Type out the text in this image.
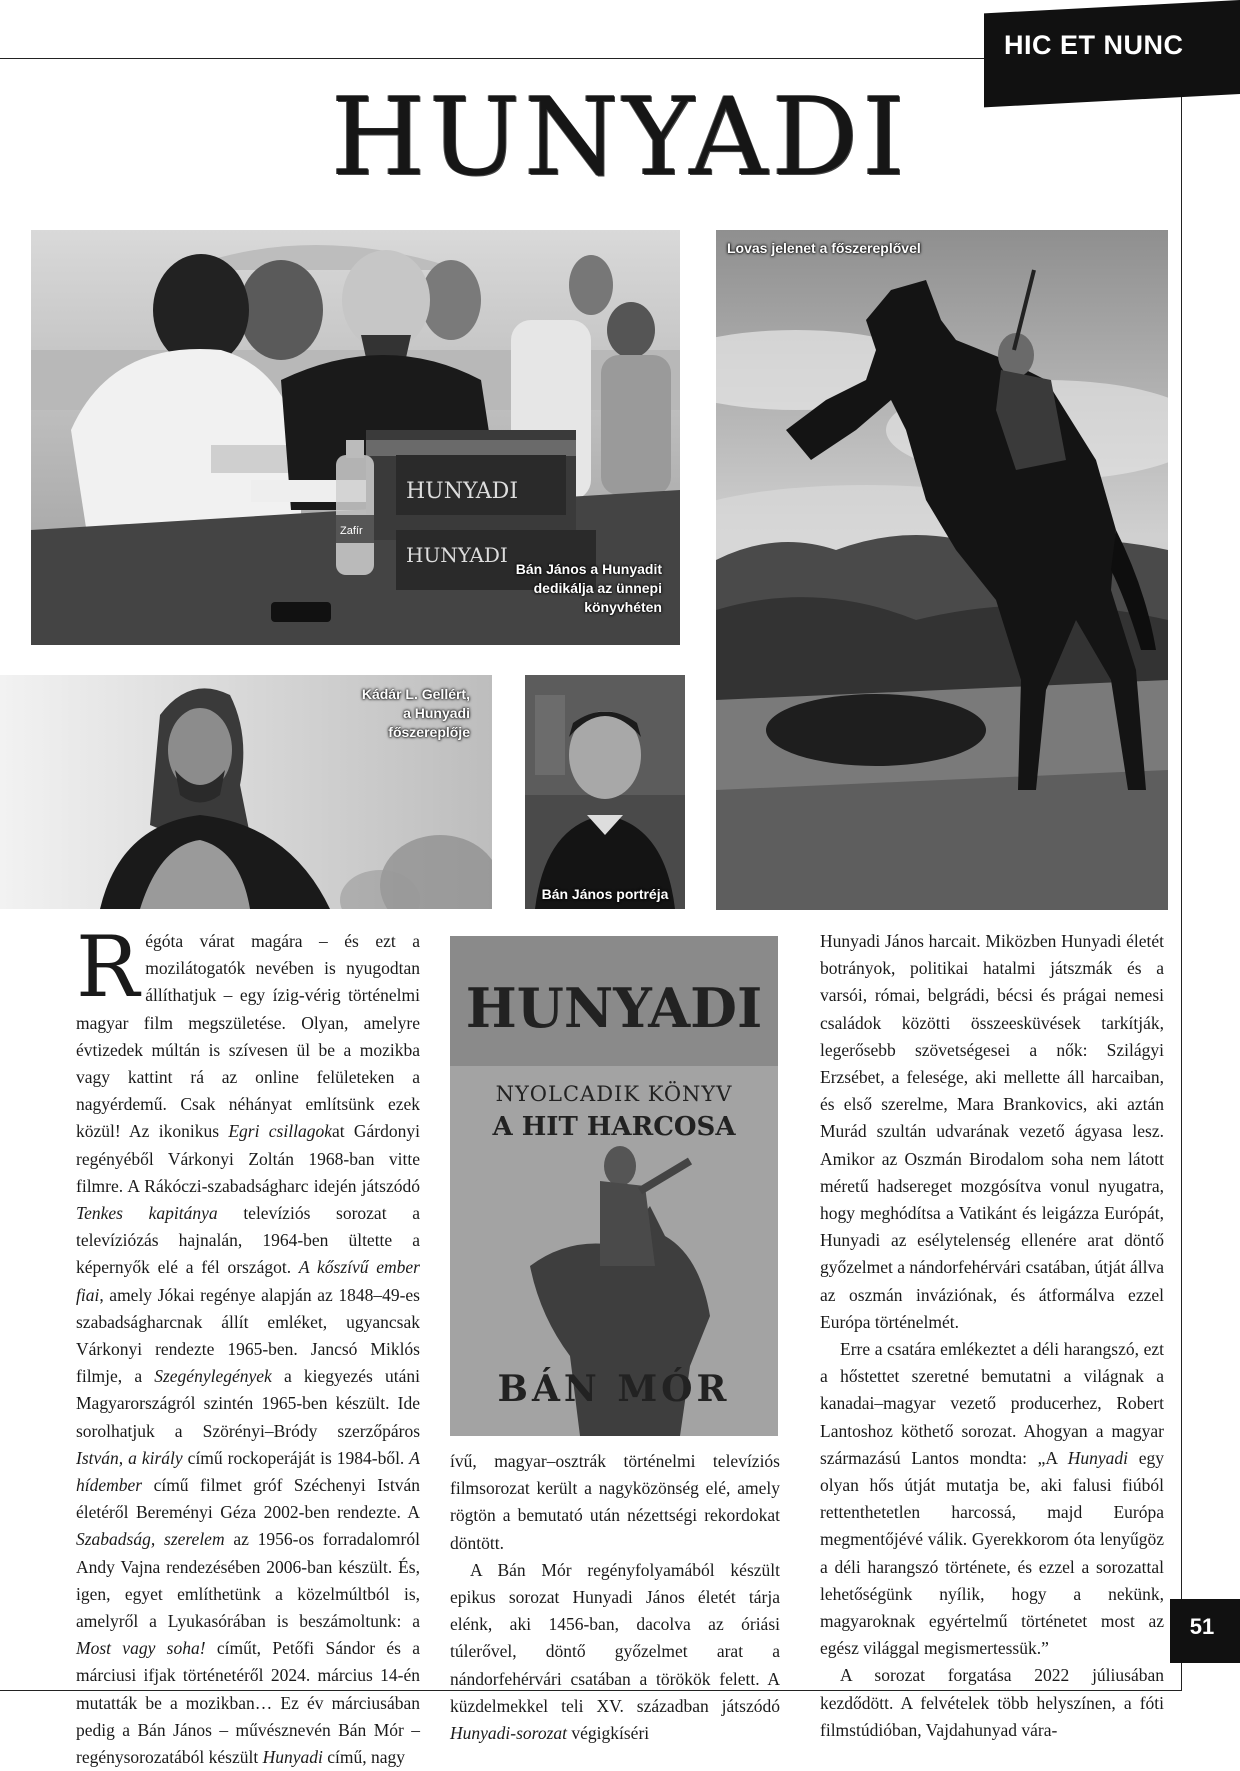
HIC ET NUNC
HUNYADI
HUNYADI
HUNYADI
Zafír
Bán János a Hunyadit
dedikálja az ünnepi
könyvhéten
Lovas jelenet a főszereplővel
Kádár L. Gellért,
a Hunyadi
főszereplője
Bán János portréja
HUNYADI
NYOLCADIK KÖNYV
A HIT HARCOSA
BÁN MÓR
Régóta várat magára – és ezt a mozilátogatók nevében is nyugodtan állíthatjuk – egy ízig-vérig történelmi magyar film megszületése. Olyan, amelyre évtizedek múltán is szívesen ül be a mozikba vagy kattint rá az online felületeken a nagyérdemű. Csak néhányat említsünk ezek közül! Az ikonikus Egri csillagokat Gárdonyi regényéből Várkonyi Zoltán 1968-ban vitte filmre. A Rákóczi-szabadságharc idején játszódó Tenkes kapitánya televíziós sorozat a televíziózás hajnalán, 1964-ben ültette a képernyők elé a fél országot. A kőszívű ember fiai, amely Jókai regénye alapján az 1848–49-es szabadságharcnak állít emléket, ugyancsak Várkonyi rendezte 1965-ben. Jancsó Miklós filmje, a Szegénylegények a kiegyezés utáni Magyarországról szintén 1965-ben készült. Ide sorolhatjuk a Szörényi–Bródy szerzőpáros István, a király című rockoperáját is 1984-ből. A hídember című filmet gróf Széchenyi István életéről Bereményi Géza 2002-ben rendezte. A Szabadság, szerelem az 1956-os forradalomról Andy Vajna rendezésében 2006-ban készült. És, igen, egyet említhetünk a közelmúltból is, amelyről a Lyukasórában is beszámoltunk: a Most vagy soha! címűt, Petőfi Sándor és a márciusi ifjak történetéről 2024. március 14-én mutatták be a mozikban… Ez év márciusában pedig a Bán János – művésznevén Bán Mór – regénysorozatából készült Hunyadi című, nagy

ívű, magyar–osztrák történelmi televíziós filmsorozat került a nagyközönség elé, amely rögtön a bemutató után nézettségi rekordokat döntött.

A Bán Mór regényfolyamából készült epikus sorozat Hunyadi János életét tárja elénk, aki 1456-ban, dacolva az óriási túlerővel, döntő győzelmet arat a nándorfehérvári csatában a törökök felett. A küzdelmekkel teli XV. században játszódó Hunyadi-sorozat végigkíséri

Hunyadi János harcait. Miközben Hunyadi életét botrányok, politikai hatalmi játszmák és a varsói, római, belgrádi, bécsi és prágai nemesi családok közötti összeesküvések tarkítják, legerősebb szövetségesei a nők: Szilágyi Erzsébet, a felesége, aki mellette áll harcaiban, és első szerelme, Mara Brankovics, aki aztán Murád szultán udvarának vezető ágyasa lesz. Amikor az Oszmán Birodalom soha nem látott méretű hadsereget mozgósítva vonul nyugatra, hogy meghódítsa a Vatikánt és leigázza Európát, Hunyadi az esélytelenség ellenére arat döntő győzelmet a nándorfehérvári csatában, útját állva az oszmán inváziónak, és átformálva ezzel Európa történelmét.

Erre a csatára emlékeztet a déli harangszó, ezt a hőstettet szeretné bemutatni a világnak a kanadai–magyar vezető producerhez, Robert Lantoshoz köthető sorozat. Ahogyan a magyar származású Lantos mondta: „A Hunyadi egy olyan hős útját mutatja be, aki falusi fiúból rettenthetetlen harcossá, majd Európa megmentőjévé válik. Gyerekkorom óta lenyűgöz a déli harangszó története, és ezzel a sorozattal lehetőségünk nyílik, hogy a nekünk, magyaroknak egyértelmű történetet most az egész világgal megismertessük.”

A sorozat forgatása 2022 júliusában kezdődött. A felvételek több helyszínen, a fóti filmstúdióban, Vajdahunyad vára-

51
